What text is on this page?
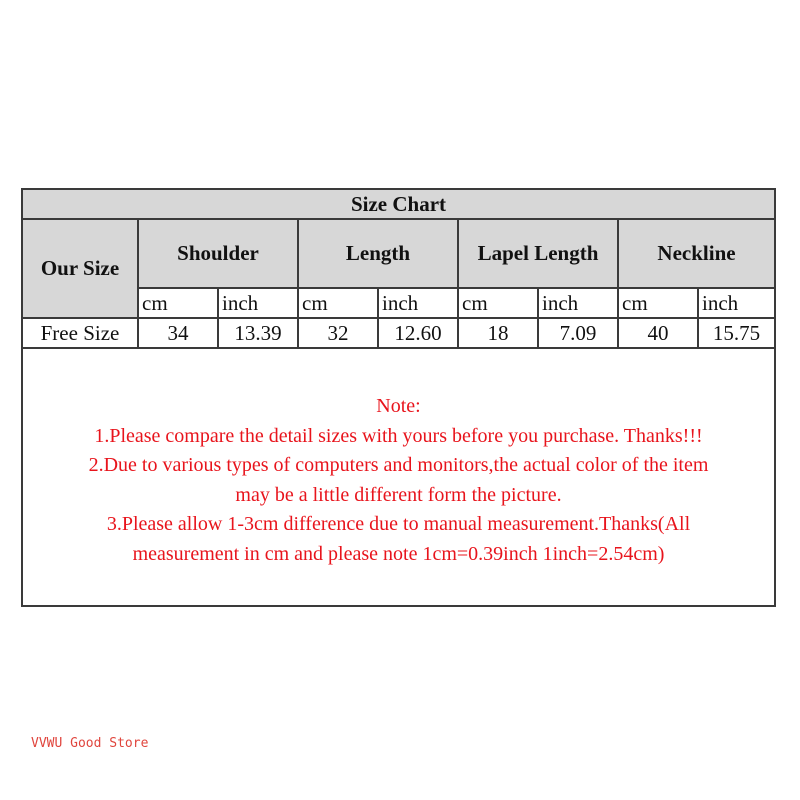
Size Chart								
Our Size	Shoulder		Length		Lapel Length		Neckline	
	cm	inch	cm	inch	cm	inch	cm	inch
Free Size	34	13.39	32	12.60	18	7.09	40	15.75
Note:
1.Please compare the detail sizes with yours before you purchase. Thanks!!!
2.Due to various types of computers and monitors,the actual color of the item
may be a little different form the picture.
3.Please allow 1-3cm difference due to manual measurement.Thanks(All
measurement in cm and please note 1cm=0.39inch 1inch=2.54cm)
VVWU Good Store
